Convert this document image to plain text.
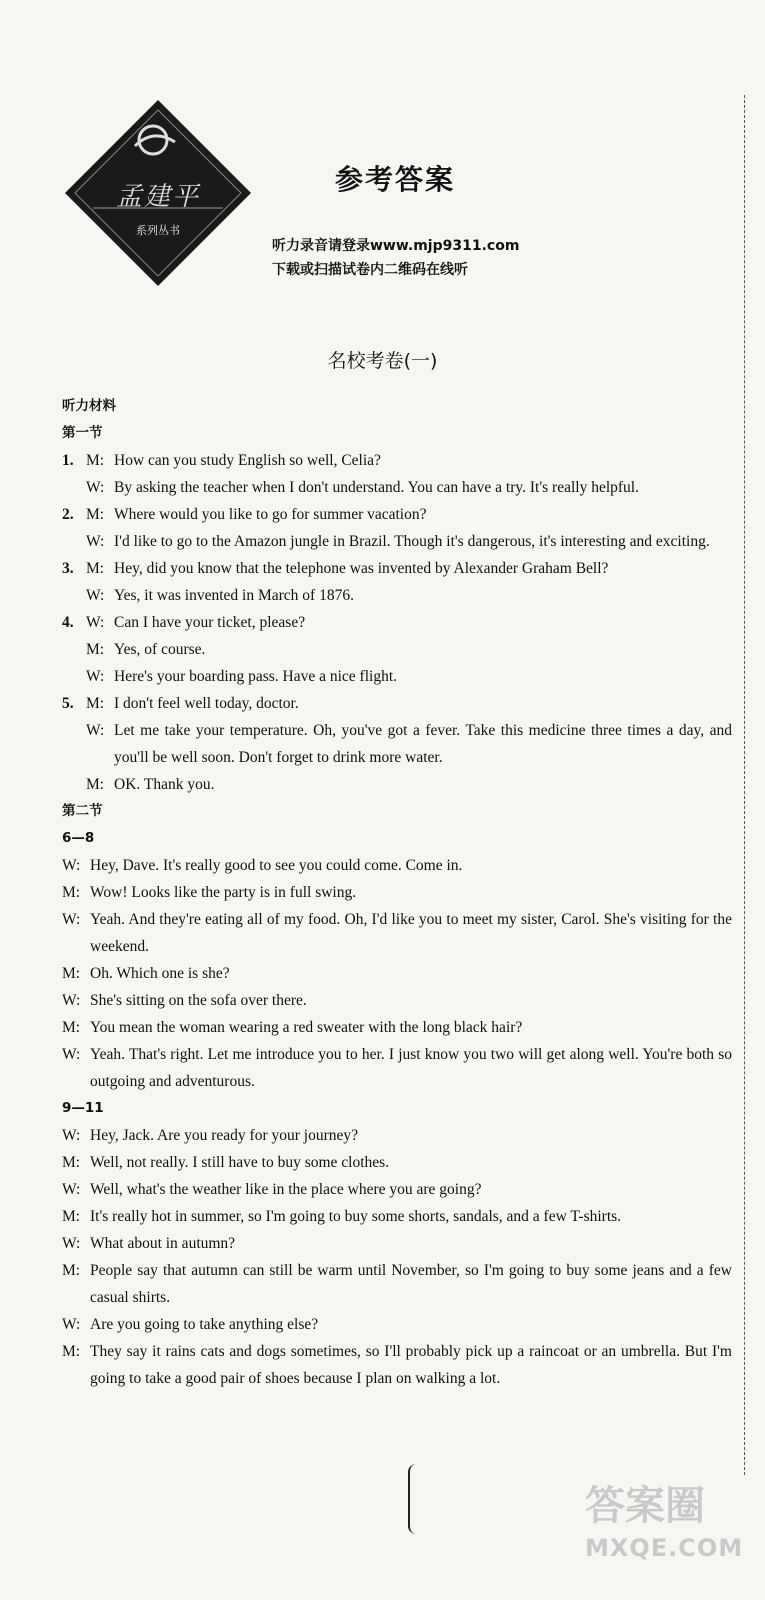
孟建平
系列丛书
参考答案
听力录音请登录www.mjp9311.com
下载或扫描试卷内二维码在线听
名校考卷(一)
听力材料
第一节
1. M: How can you study English so well, Celia?
W: By asking the teacher when I don't understand. You can have a try. It's really helpful.
2. M: Where would you like to go for summer vacation?
W: I'd like to go to the Amazon jungle in Brazil. Though it's dangerous, it's interesting and exciting.
3. M: Hey, did you know that the telephone was invented by Alexander Graham Bell?
W: Yes, it was invented in March of 1876.
4. W: Can I have your ticket, please?
M: Yes, of course.
W: Here's your boarding pass. Have a nice flight.
5. M: I don't feel well today, doctor.
W: Let me take your temperature. Oh, you've got a fever. Take this medicine three times a day, and you'll be well soon. Don't forget to drink more water.
M: OK. Thank you.
第二节
6—8
W: Hey, Dave. It's really good to see you could come. Come in.
M: Wow! Looks like the party is in full swing.
W: Yeah. And they're eating all of my food. Oh, I'd like you to meet my sister, Carol. She's visiting for the weekend.
M: Oh. Which one is she?
W: She's sitting on the sofa over there.
M: You mean the woman wearing a red sweater with the long black hair?
W: Yeah. That's right. Let me introduce you to her. I just know you two will get along well. You're both so outgoing and adventurous.
9—11
W: Hey, Jack. Are you ready for your journey?
M: Well, not really. I still have to buy some clothes.
W: Well, what's the weather like in the place where you are going?
M: It's really hot in summer, so I'm going to buy some shorts, sandals, and a few T-shirts.
W: What about in autumn?
M: People say that autumn can still be warm until November, so I'm going to buy some jeans and a few casual shirts.
W: Are you going to take anything else?
M: They say it rains cats and dogs sometimes, so I'll probably pick up a raincoat or an umbrella. But I'm going to take a good pair of shoes because I plan on walking a lot.
答案圈
MXQE.COM
